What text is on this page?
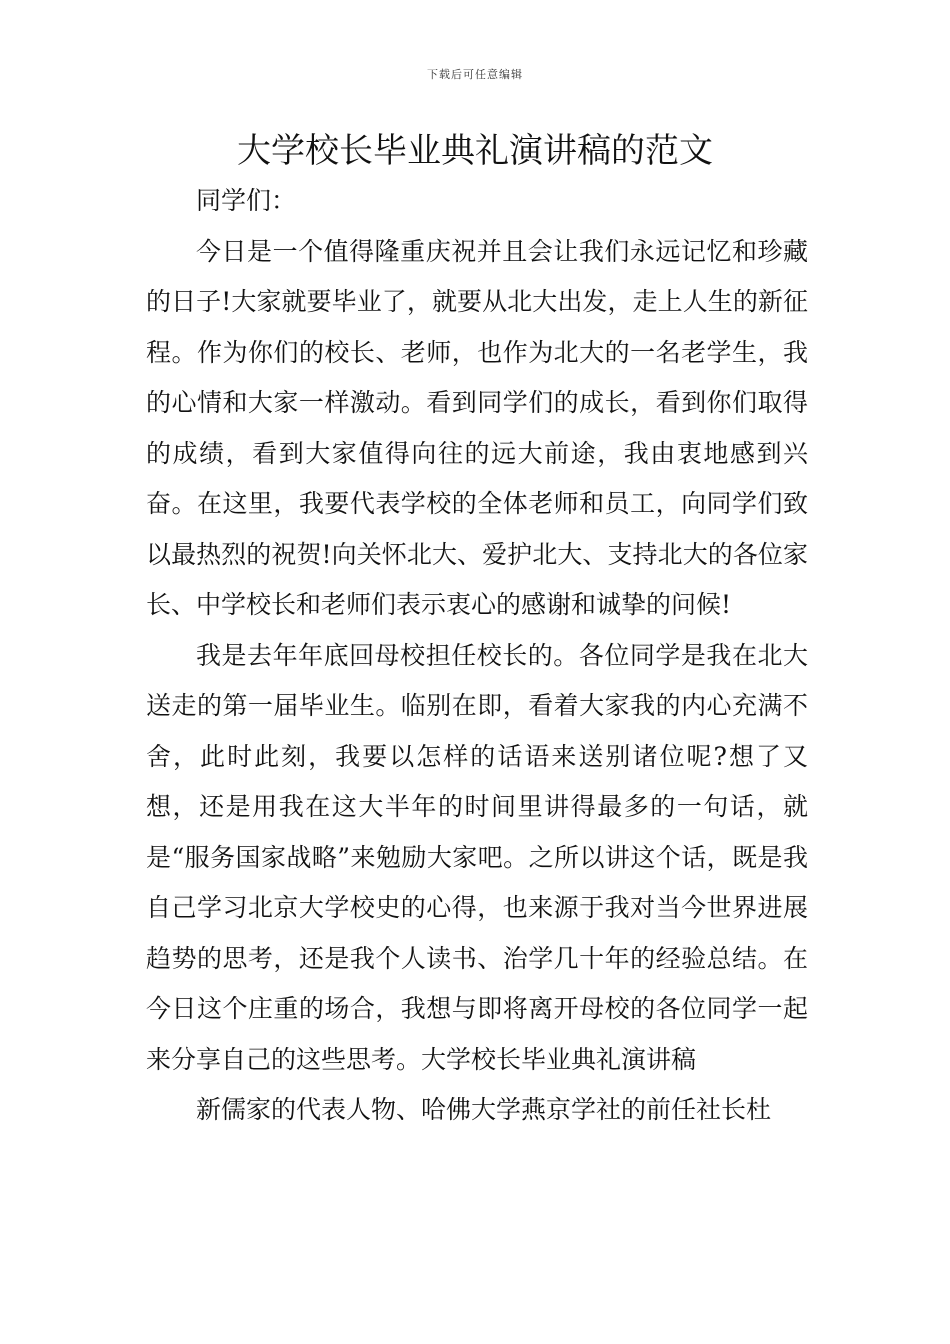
下载后可任意编辑
大学校长毕业典礼演讲稿的范文

同学们：

今日是一个值得隆重庆祝并且会让我们永远记忆和珍藏的日子!大家就要毕业了，就要从北大出发，走上人生的新征程。作为你们的校长、老师，也作为北大的一名老学生，我的心情和大家一样激动。看到同学们的成长，看到你们取得的成绩，看到大家值得向往的远大前途，我由衷地感到兴奋。在这里，我要代表学校的全体老师和员工，向同学们致以最热烈的祝贺!向关怀北大、爱护北大、支持北大的各位家长、中学校长和老师们表示衷心的感谢和诚挚的问候!

我是去年年底回母校担任校长的。各位同学是我在北大送走的第一届毕业生。临别在即，看着大家我的内心充满不舍，此时此刻，我要以怎样的话语来送别诸位呢?想了又想，还是用我在这大半年的时间里讲得最多的一句话，就是“服务国家战略”来勉励大家吧。之所以讲这个话，既是我自己学习北京大学校史的心得，也来源于我对当今世界进展趋势的思考，还是我个人读书、治学几十年的经验总结。在今日这个庄重的场合，我想与即将离开母校的各位同学一起来分享自己的这些思考。大学校长毕业典礼演讲稿

新儒家的代表人物、哈佛大学燕京学社的前任社长杜
